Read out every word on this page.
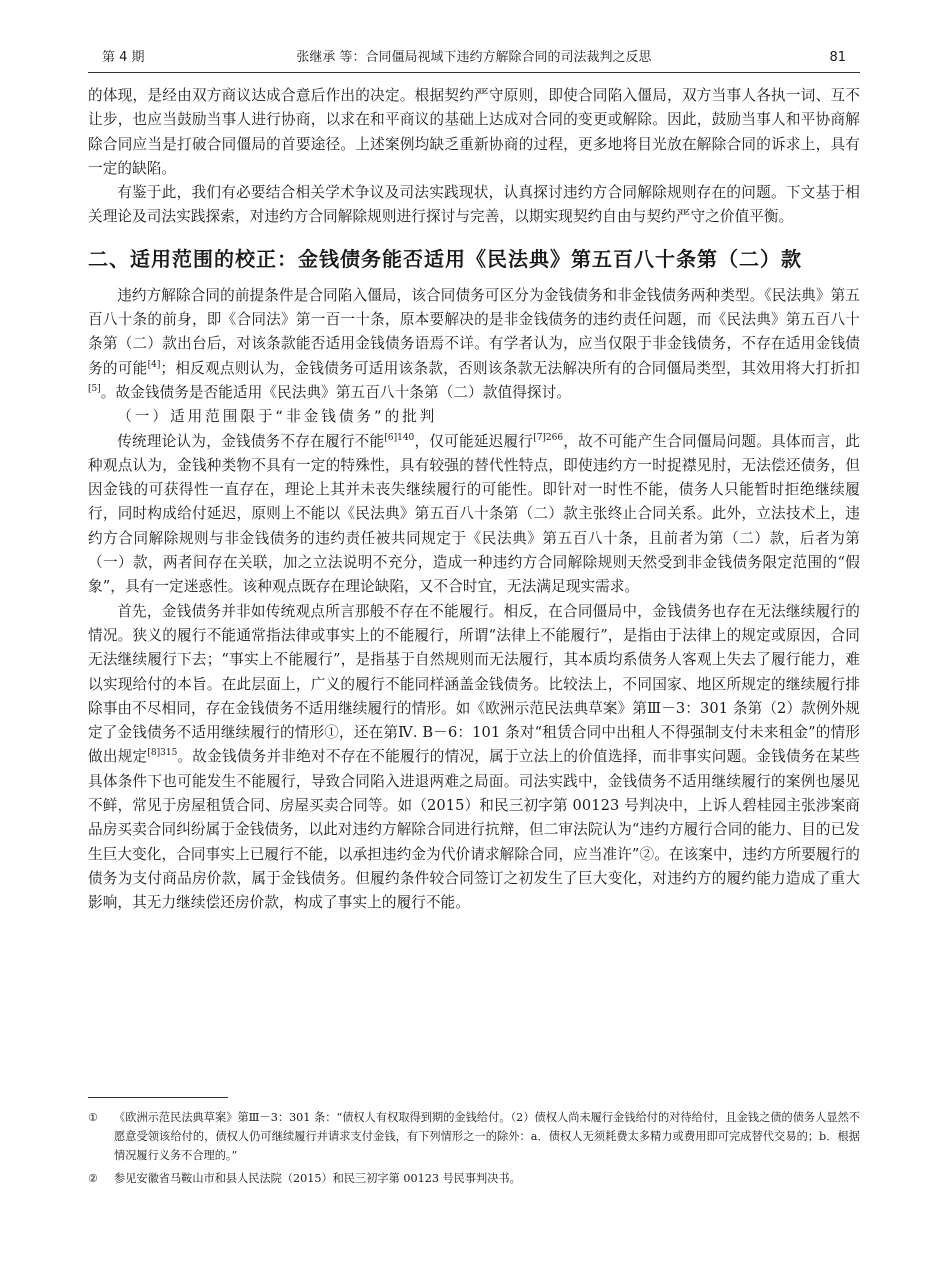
第 4 期	张继承 等：合同僵局视域下违约方解除合同的司法裁判之反思	81

的体现，是经由双方商议达成合意后作出的决定。根据契约严守原则，即使合同陷入僵局，双方当事人各执一词、互不让步，也应当鼓励当事人进行协商，以求在和平商议的基础上达成对合同的变更或解除。因此，鼓励当事人和平协商解除合同应当是打破合同僵局的首要途径。上述案例均缺乏重新协商的过程，更多地将目光放在解除合同的诉求上，具有一定的缺陷。

有鉴于此，我们有必要结合相关学术争议及司法实践现状，认真探讨违约方合同解除规则存在的问题。下文基于相关理论及司法实践探索，对违约方合同解除规则进行探讨与完善，以期实现契约自由与契约严守之价值平衡。

二、适用范围的校正：金钱债务能否适用《民法典》第五百八十条第（二）款

违约方解除合同的前提条件是合同陷入僵局，该合同债务可区分为金钱债务和非金钱债务两种类型。《民法典》第五百八十条的前身，即《合同法》第一百一十条，原本要解决的是非金钱债务的违约责任问题，而《民法典》第五百八十条第（二）款出台后，对该条款能否适用金钱债务语焉不详。有学者认为，应当仅限于非金钱债务，不存在适用金钱债务的可能[4]；相反观点则认为，金钱债务可适用该条款，否则该条款无法解决所有的合同僵局类型，其效用将大打折扣[5]。故金钱债务是否能适用《民法典》第五百八十条第（二）款值得探讨。

（一）适用范围限于“非金钱债务”的批判

传统理论认为，金钱债务不存在履行不能$^{[6]140}$，仅可能延迟履行$^{[7]266}$，故不可能产生合同僵局问题。具体而言，此种观点认为，金钱种类物不具有一定的特殊性，具有较强的替代性特点，即使违约方一时捉襟见肘，无法偿还债务，但因金钱的可获得性一直存在，理论上其并未丧失继续履行的可能性。即针对一时性不能，债务人只能暂时拒绝继续履行，同时构成给付延迟，原则上不能以《民法典》第五百八十条第（二）款主张终止合同关系。此外，立法技术上，违约方合同解除规则与非金钱债务的违约责任被共同规定于《民法典》第五百八十条，且前者为第（二）款，后者为第（一）款，两者间存在关联，加之立法说明不充分，造成一种违约方合同解除规则天然受到非金钱债务限定范围的“假象”，具有一定迷惑性。该种观点既存在理论缺陷，又不合时宜，无法满足现实需求。

首先，金钱债务并非如传统观点所言那般不存在不能履行。相反，在合同僵局中，金钱债务也存在无法继续履行的情况。狭义的履行不能通常指法律或事实上的不能履行，所谓“法律上不能履行”，是指由于法律上的规定或原因，合同无法继续履行下去；“事实上不能履行”，是指基于自然规则而无法履行，其本质均系债务人客观上失去了履行能力，难以实现给付的本旨。在此层面上，广义的履行不能同样涵盖金钱债务。比较法上，不同国家、地区所规定的继续履行排除事由不尽相同，存在金钱债务不适用继续履行的情形。如《欧洲示范民法典草案》第Ⅲ－3：301 条第（2）款例外规定了金钱债务不适用继续履行的情形①，还在第Ⅳ. B－6：101 条对“租赁合同中出租人不得强制支付未来租金”的情形做出规定$^{[8]315}$。故金钱债务并非绝对不存在不能履行的情况，属于立法上的价值选择，而非事实问题。金钱债务在某些具体条件下也可能发生不能履行，导致合同陷入进退两难之局面。司法实践中，金钱债务不适用继续履行的案例也屡见不鲜，常见于房屋租赁合同、房屋买卖合同等。如（2015）和民三初字第 00123 号判决中，上诉人碧桂园主张涉案商品房买卖合同纠纷属于金钱债务，以此对违约方解除合同进行抗辩，但二审法院认为“违约方履行合同的能力、目的已发生巨大变化，合同事实上已履行不能，以承担违约金为代价请求解除合同，应当准许”②。在该案中，违约方所要履行的债务为支付商品房价款，属于金钱债务。但履约条件较合同签订之初发生了巨大变化，对违约方的履约能力造成了重大影响，其无力继续偿还房价款，构成了事实上的履行不能。

① 《欧洲示范民法典草案》第Ⅲ－3：301 条：“债权人有权取得到期的金钱给付。（2）债权人尚未履行金钱给付的对待给付，且金钱之债的债务人显然不愿意受领该给付的，债权人仍可继续履行并请求支付金钱，有下列情形之一的除外：a．债权人无须耗费太多精力或费用即可完成替代交易的；b．根据情况履行义务不合理的。”
② 参见安徽省马鞍山市和县人民法院（2015）和民三初字第 00123 号民事判决书。
